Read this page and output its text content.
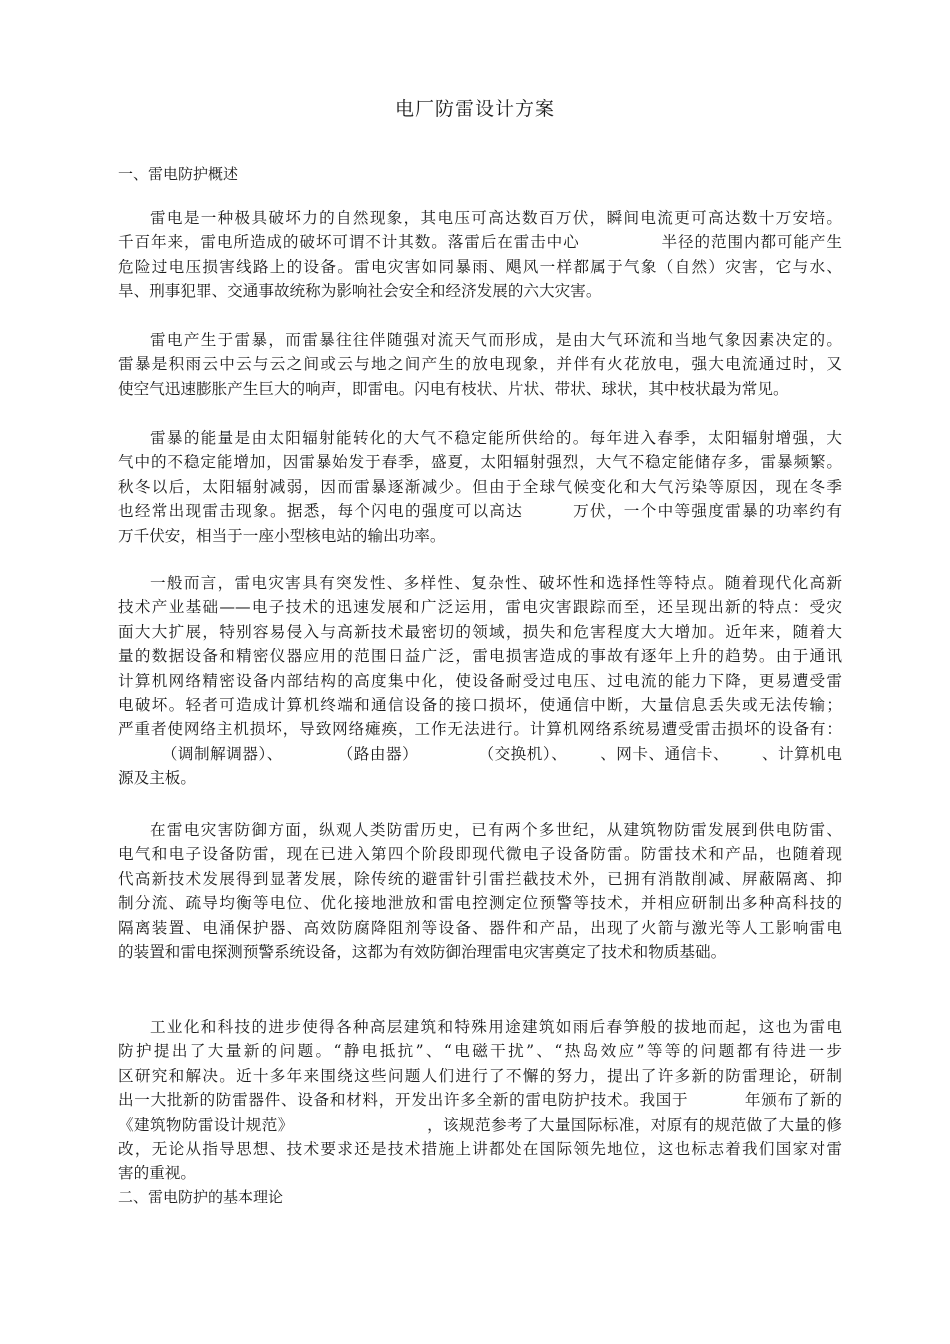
电厂防雷设计方案
一、雷电防护概述
雷电是一种极具破坏力的自然现象，其电压可高达数百万伏，瞬间电流更可高达数十万安培。
千百年来，雷电所造成的破坏可谓不计其数。落雷后在雷击中心              半径的范围内都可能产生
危险过电压损害线路上的设备。雷电灾害如同暴雨、飓风一样都属于气象（自然）灾害，它与水、
旱、刑事犯罪、交通事故统称为影响社会安全和经济发展的六大灾害。
雷电产生于雷暴，而雷暴往往伴随强对流天气而形成，是由大气环流和当地气象因素决定的。
雷暴是积雨云中云与云之间或云与地之间产生的放电现象，并伴有火花放电，强大电流通过时，又
使空气迅速膨胀产生巨大的响声，即雷电。闪电有枝状、片状、带状、球状，其中枝状最为常见。
雷暴的能量是由太阳辐射能转化的大气不稳定能所供给的。每年进入春季，太阳辐射增强，大
气中的不稳定能增加，因雷暴始发于春季，盛夏，太阳辐射强烈，大气不稳定能储存多，雷暴频繁。
秋冬以后，太阳辐射减弱，因而雷暴逐渐减少。但由于全球气候变化和大气污染等原因，现在冬季
也经常出现雷击现象。据悉，每个闪电的强度可以高达        万伏，一个中等强度雷暴的功率约有
万千伏安，相当于一座小型核电站的输出功率。
一般而言，雷电灾害具有突发性、多样性、复杂性、破坏性和选择性等特点。随着现代化高新
技术产业基础——电子技术的迅速发展和广泛运用，雷电灾害跟踪而至，还呈现出新的特点：受灾
面大大扩展，特别容易侵入与高新技术最密切的领域，损失和危害程度大大增加。近年来，随着大
量的数据设备和精密仪器应用的范围日益广泛，雷电损害造成的事故有逐年上升的趋势。由于通讯
计算机网络精密设备内部结构的高度集中化，使设备耐受过电压、过电流的能力下降，更易遭受雷
电破坏。轻者可造成计算机终端和通信设备的接口损坏，使通信中断，大量信息丢失或无法传输；
严重者使网络主机损坏，导致网络瘫痪，工作无法进行。计算机网络系统易遭受雷击损坏的设备有：
（调制解调器）、          （路由器）           （交换机）、      、网卡、通信卡、      、计算机电
源及主板。
在雷电灾害防御方面，纵观人类防雷历史，已有两个多世纪，从建筑物防雷发展到供电防雷、
电气和电子设备防雷，现在已进入第四个阶段即现代微电子设备防雷。防雷技术和产品，也随着现
代高新技术发展得到显著发展，除传统的避雷针引雷拦截技术外，已拥有消散削减、屏蔽隔离、抑
制分流、疏导均衡等电位、优化接地泄放和雷电控测定位预警等技术，并相应研制出多种高科技的
隔离装置、电涌保护器、高效防腐降阻剂等设备、器件和产品，出现了火箭与激光等人工影响雷电
的装置和雷电探测预警系统设备，这都为有效防御治理雷电灾害奠定了技术和物质基础。
工业化和科技的进步使得各种高层建筑和特殊用途建筑如雨后春笋般的拔地而起，这也为雷电
防护提出了大量新的问题。“静电抵抗”、“电磁干扰”、“热岛效应”等等的问题都有待进一步
区研究和解决。近十多年来围绕这些问题人们进行了不懈的努力，提出了许多新的防雷理论，研制
出一大批新的防雷器件、设备和材料，开发出许多全新的雷电防护技术。我国于          年颁布了新的
《建筑物防雷设计规范》                         ，该规范参考了大量国际标准，对原有的规范做了大量的修
改，无论从指导思想、技术要求还是技术措施上讲都处在国际领先地位，这也标志着我们国家对雷
害的重视。
二、雷电防护的基本理论
